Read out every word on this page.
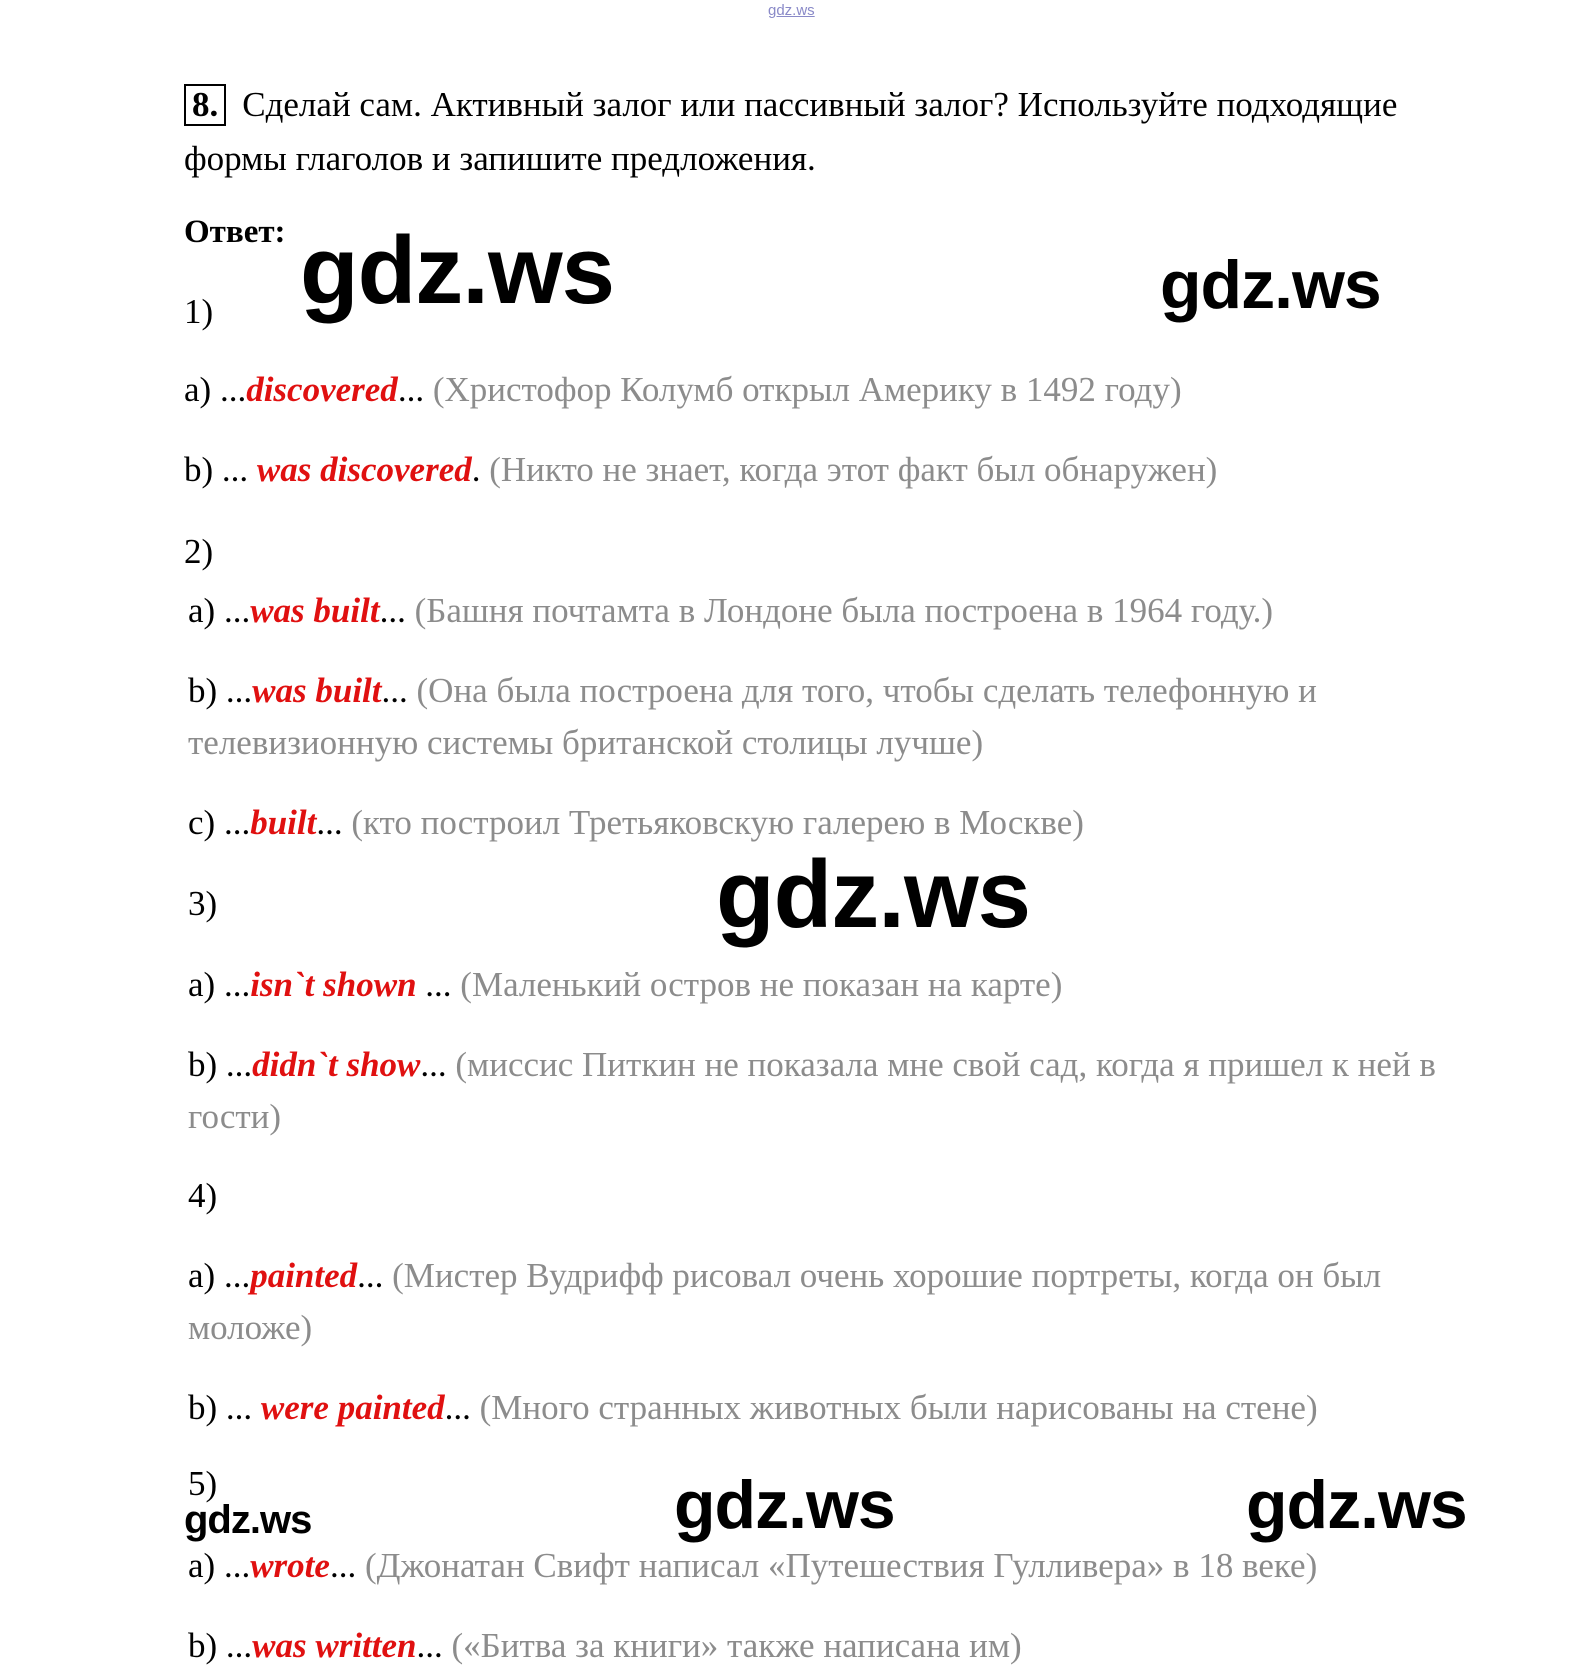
gdz.ws
8. Сделай сам. Активный залог или пассивный залог? Используйте подходящие формы глаголов и запишите предложения.
Ответ:
1)
a) ...discovered... (Христофор Колумб открыл Америку в 1492 году)
b) ... was discovered. (Никто не знает, когда этот факт был обнаружен)
2)
a) ...was built... (Башня почтамта в Лондоне была построена в 1964 году.)
b) ...was built... (Она была построена для того, чтобы сделать телефонную и телевизионную системы британской столицы лучше)
c) ...built... (кто построил Третьяковскую галерею в Москве)
3)
a) ...isn`t shown ... (Маленький остров не показан на карте)
b) ...didn`t show... (миссис Питкин не показала мне свой сад, когда я пришел к ней в гости)
4)
a) ...painted... (Мистер Вудрифф рисовал очень хорошие портреты, когда он был моложе)
b) ... were painted... (Много странных животных были нарисованы на стене)
5)
a) ...wrote... (Джонатан Свифт написал «Путешествия Гулливера» в 18 веке)
b) ...was written... («Битва за книги» также написана им)
gdz.ws	gdz.ws
gdz.ws
gdz.ws	gdz.ws
gdz.ws
